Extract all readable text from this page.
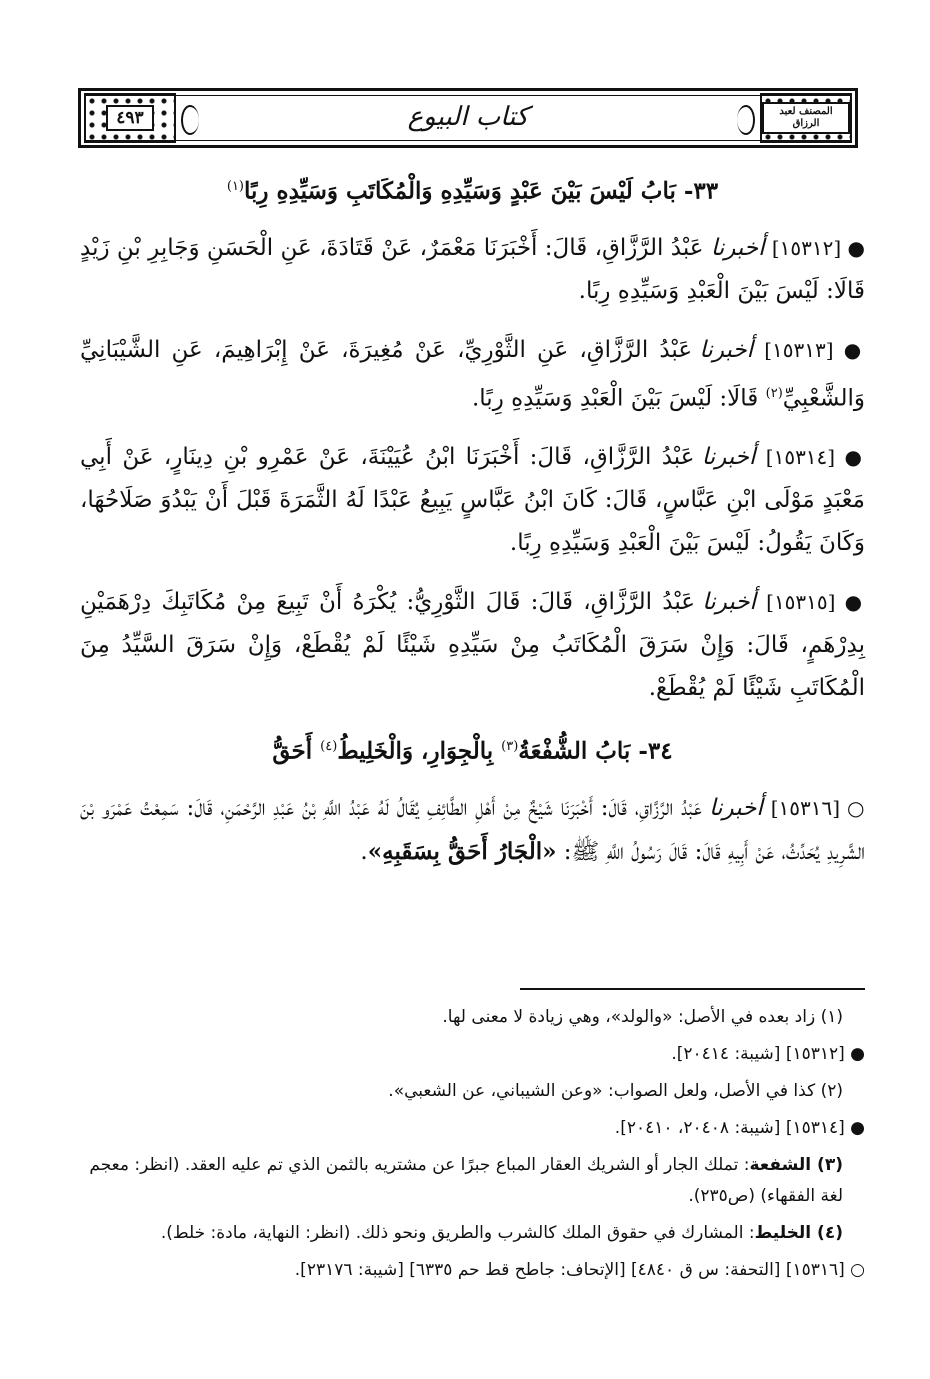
٤٩٣	كتاب البيوع	المصنف لعبد الرزاق
٣٣- بَابُ لَيْسَ بَيْنَ عَبْدٍ وَسَيِّدِهِ وَالْمُكَاتَبِ وَسَيِّدِهِ رِبًا$^{(١)}$

● [١٥٣١٢] أخبرنا عَبْدُ الرَّزَّاقِ، قَالَ: أَخْبَرَنَا مَعْمَرٌ، عَنْ قَتَادَةَ، عَنِ الْحَسَنِ وَجَابِرِ بْنِ زَيْدٍ قَالَا: لَيْسَ بَيْنَ الْعَبْدِ وَسَيِّدِهِ رِبًا.

● [١٥٣١٣] أخبرنا عَبْدُ الرَّزَّاقِ، عَنِ الثَّوْرِيِّ، عَنْ مُغِيرَةَ، عَنْ إِبْرَاهِيمَ، عَنِ الشَّيْبَانِيِّ وَالشَّعْبِيِّ$^{(٢)}$ قَالَا: لَيْسَ بَيْنَ الْعَبْدِ وَسَيِّدِهِ رِبًا.

● [١٥٣١٤] أخبرنا عَبْدُ الرَّزَّاقِ، قَالَ: أَخْبَرَنَا ابْنُ عُيَيْنَةَ، عَنْ عَمْرِو بْنِ دِينَارٍ، عَنْ أَبِي مَعْبَدٍ مَوْلَى ابْنِ عَبَّاسٍ، قَالَ: كَانَ ابْنُ عَبَّاسٍ يَبِيعُ عَبْدًا لَهُ الثَّمَرَةَ قَبْلَ أَنْ يَبْدُوَ صَلَاحُهَا، وَكَانَ يَقُولُ: لَيْسَ بَيْنَ الْعَبْدِ وَسَيِّدِهِ رِبًا.

● [١٥٣١٥] أخبرنا عَبْدُ الرَّزَّاقِ، قَالَ: قَالَ الثَّوْرِيُّ: يُكْرَهُ أَنْ تَبِيعَ مِنْ مُكَاتَبِكَ دِرْهَمَيْنِ بِدِرْهَمٍ، قَالَ: وَإِنْ سَرَقَ الْمُكَاتَبُ مِنْ سَيِّدِهِ شَيْئًا لَمْ يُقْطَعْ، وَإِنْ سَرَقَ السَّيِّدُ مِنَ الْمُكَاتَبِ شَيْئًا لَمْ يُقْطَعْ.

٣٤- بَابُ الشُّفْعَةُ$^{(٣)}$ بِالْجِوَارِ، وَالْخَلِيطُ$^{(٤)}$ أَحَقُّ

○ [١٥٣١٦] أخبرنا عَبْدُ الرَّزَّاقِ، قَالَ: أَخْبَرَنَا شَيْخٌ مِنْ أَهْلِ الطَّائِفِ يُقَالُ لَهُ عَبْدُ اللَّهِ بْنُ عَبْدِ الرَّحْمَنِ، قَالَ: سَمِعْتُ عَمْرَو بْنَ الشَّرِيدِ يُحَدِّثُ، عَنْ أَبِيهِ قَالَ: قَالَ رَسُولُ اللَّهِ ﷺ: «الْجَارُ أَحَقُّ بِسَقَبِهِ».

(١) زاد بعده في الأصل: «والولد»، وهي زيادة لا معنى لها.

● [١٥٣١٢] [شيبة: ٢٠٤١٤].

(٢) كذا في الأصل، ولعل الصواب: «وعن الشيباني، عن الشعبي».

● [١٥٣١٤] [شيبة: ٢٠٤٠٨، ٢٠٤١٠].

(٣) الشفعة: تملك الجار أو الشريك العقار المباع جبرًا عن مشتريه بالثمن الذي تم عليه العقد. (انظر: معجم لغة الفقهاء) (ص٢٣٥).

(٤) الخليط: المشارك في حقوق الملك كالشرب والطريق ونحو ذلك. (انظر: النهاية، مادة: خلط).

○ [١٥٣١٦] [التحفة: س ق ٤٨٤٠] [الإتحاف: جاطح قط حم ٦٣٣٥] [شيبة: ٢٣١٧٦].
